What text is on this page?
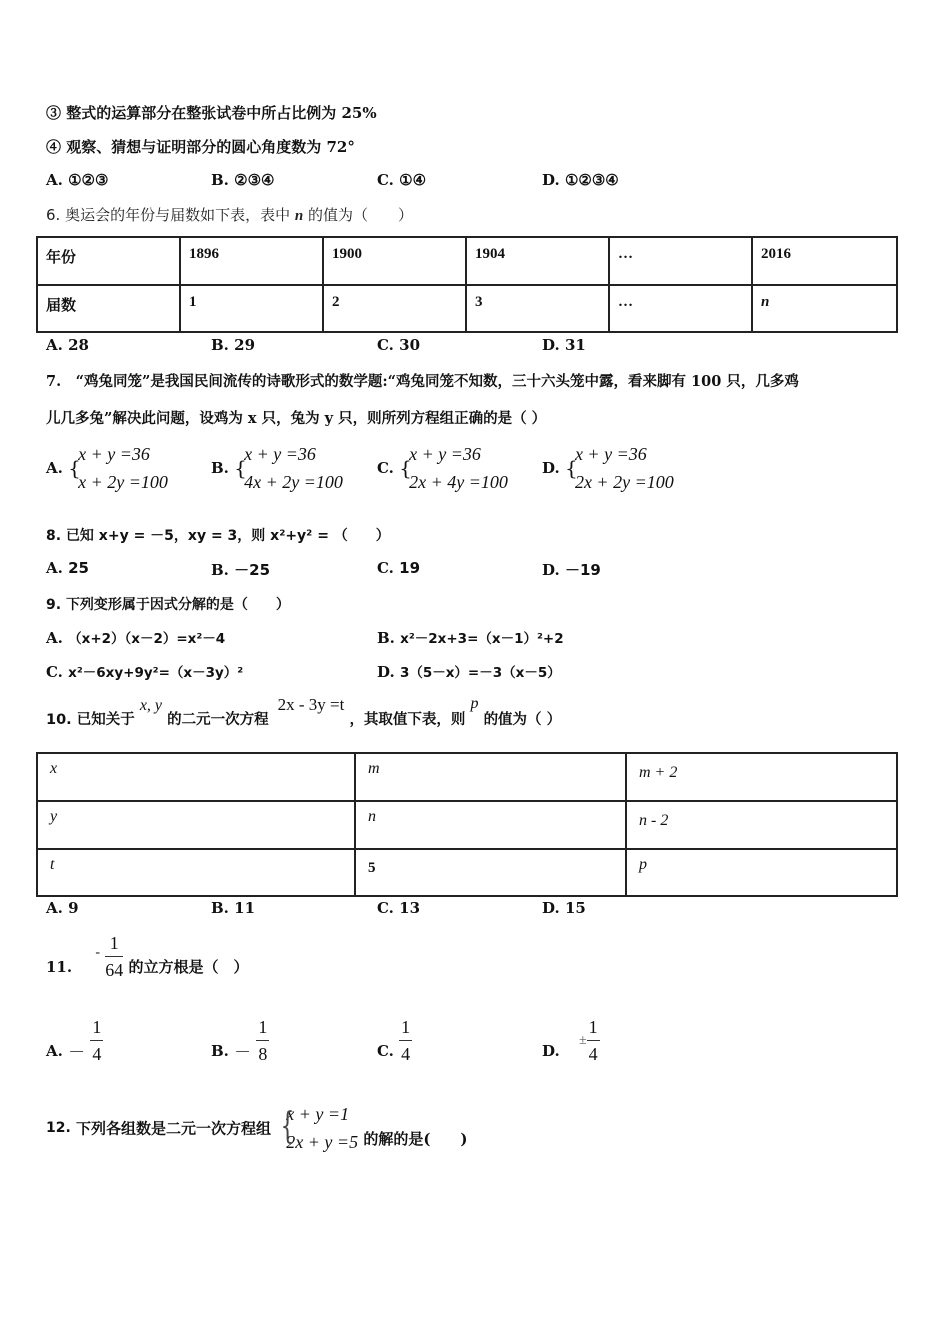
③ 整式的运算部分在整张试卷中所占比例为 25%
④ 观察、猜想与证明部分的圆心角度数为 72°
A. ①②③	B. ②③④	C. ①④	D. ①②③④
6. 奥运会的年份与届数如下表，表中 n 的值为（　　）
年份	1896	1900	1904	…	2016
届数	1	2	3	…	n
A. 28	B. 29	C. 30	D. 31
7.　“鸡兔同笼”是我国民间流传的诗歌形式的数学题:“鸡兔同笼不知数，三十六头笼中露，看来脚有 100 只，几多鸡
儿几多兔”解决此问题，设鸡为 x 只，兔为 y 只，则所列方程组正确的是（ ）
A. {
x + y =36
x + 2y =100
B. {
x + y =36
4x + 2y =100
C. {
x + y =36
2x + 4y =100
D. {
x + y =36
2x + 2y =100
8. 已知 x+y = －5，xy = 3，则 x²+y² = （　　）
A. 25	B. －25	C. 19	D. －19
9. 下列变形属于因式分解的是（　　）
A. （x+2）（x－2）=x²－4	B. x²－2x+3=（x－1）²+2
C. x²－6xy+9y²=（x－3y）²	D. 3（5－x）=－3（x－5）
10. 已知关于 x, y 的二元一次方程 2x - 3y =t ，其取值下表，则 p 的值为（ ）
x	m	m + 2
y	n	n - 2
t	5	p
A. 9	B. 11	C. 13	D. 15
11. - $\frac{1}{64}$ 的立方根是（　）
A. － $\frac{1}{4}$	B. － $\frac{1}{8}$	C. $\frac{1}{4}$	D. ± $\frac{1}{4}$
12. 下列各组数是二元一次方程组 {
x + y =1
2x + y =5 的解的是(　　)
